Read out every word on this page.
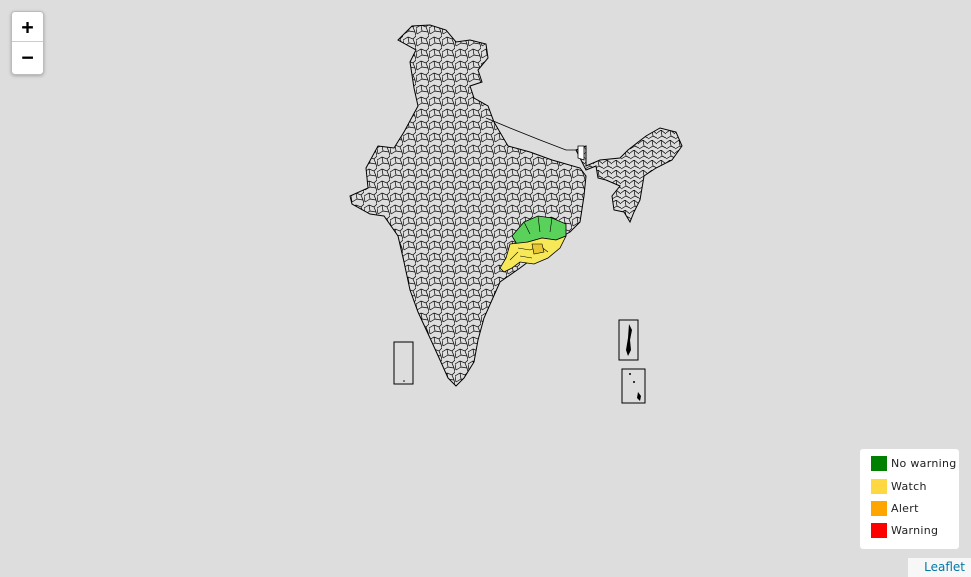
+
−
No warning
Watch
Alert
Warning
Leaflet
